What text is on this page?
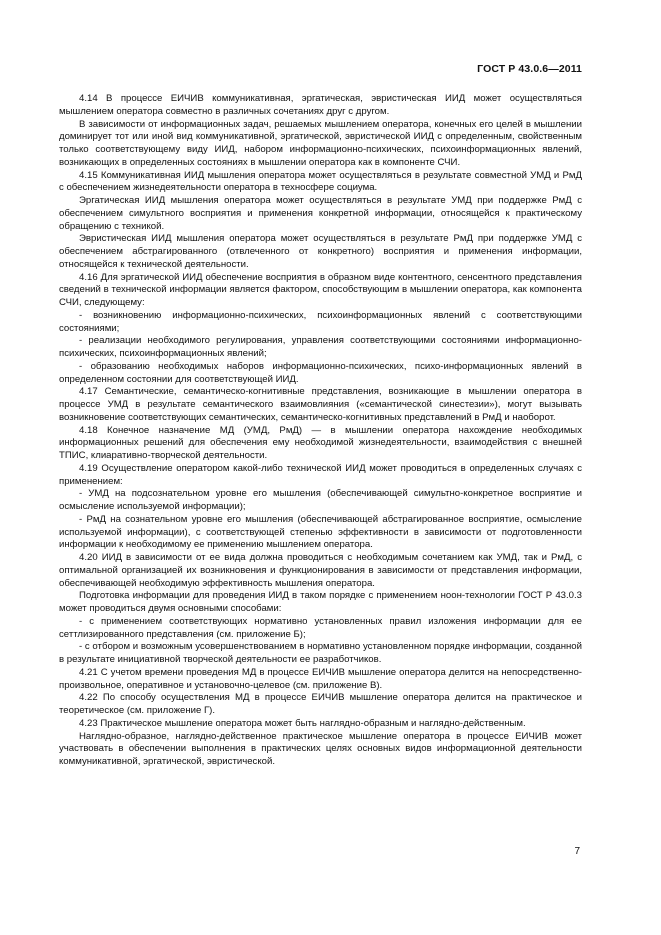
ГОСТ Р 43.0.6—2011

4.14 В процессе ЕИЧИВ коммуникативная, эргатическая, эвристическая ИИД может осуществляться мышлением оператора совместно в различных сочетаниях друг с другом.

В зависимости от информационных задач, решаемых мышлением оператора, конечных его целей в мышлении доминирует тот или иной вид коммуникативной, эргатической, эвристической ИИД с определенным, свойственным только соответствующему виду ИИД, набором информационно-психических, психоинформационных явлений, возникающих в определенных состояниях в мышлении оператора как в компоненте СЧИ.

4.15 Коммуникативная ИИД мышления оператора может осуществляться в результате совместной УМД и РмД с обеспечением жизнедеятельности оператора в техносфере социума.

Эргатическая ИИД мышления оператора может осуществляться в результате УМД при поддержке РмД с обеспечением симультного восприятия и применения конкретной информации, относящейся к практическому обращению с техникой.

Эвристическая ИИД мышления оператора может осуществляться в результате РмД при поддержке УМД с обеспечением абстрагированного (отвлеченного от конкретного) восприятия и применения информации, относящейся к технической деятельности.

4.16 Для эргатической ИИД обеспечение восприятия в образном виде контентного, сенсентного представления сведений в технической информации является фактором, способствующим в мышлении оператора, как компонента СЧИ, следующему:

- возникновению информационно-психических, психоинформационных явлений с соответствующими состояниями;

- реализации необходимого регулирования, управления соответствующими состояниями информационно-психических, психоинформационных явлений;

- образованию необходимых наборов информационно-психических, психо-информационных явлений в определенном состоянии для соответствующей ИИД.

4.17 Семантические, семантическо-когнитивные представления, возникающие в мышлении оператора в процессе УМД в результате семантического взаимовлияния («семантической синестезии»), могут вызывать возникновение соответствующих семантических, семантическо-когнитивных представлений в РмД и наоборот.

4.18 Конечное назначение МД (УМД, РмД) — в мышлении оператора нахождение необходимых информационных решений для обеспечения ему необходимой жизнедеятельности, взаимодействия с внешней ТПИС, клиаративно-творческой деятельности.

4.19 Осуществление оператором какой-либо технической ИИД может проводиться в определенных случаях с применением:

- УМД на подсознательном уровне его мышления (обеспечивающей симультно-конкретное восприятие и осмысление используемой информации);

- РмД на сознательном уровне его мышления (обеспечивающей абстрагированное восприятие, осмысление используемой информации), с соответствующей степенью эффективности в зависимости от подготовленности информации к необходимому ее применению мышлением оператора.

4.20 ИИД в зависимости от ее вида должна проводиться с необходимым сочетанием как УМД, так и РмД, с оптимальной организацией их возникновения и функционирования в зависимости от представления информации, обеспечивающей необходимую эффективность мышления оператора.

Подготовка информации для проведения ИИД в таком порядке с применением ноон-технологии ГОСТ Р 43.0.3 может проводиться двумя основными способами:

- с применением соответствующих нормативно установленных правил изложения информации для ее сеттлизированного представления (см. приложение Б);

- с отбором и возможным усовершенствованием в нормативно установленном порядке информации, созданной в результате инициативной творческой деятельности ее разработчиков.

4.21 С учетом времени проведения МД в процессе ЕИЧИВ мышление оператора делится на непосредственно-произвольное, оперативное и установочно-целевое (см. приложение В).

4.22 По способу осуществления МД в процессе ЕИЧИВ мышление оператора делится на практическое и теоретическое (см. приложение Г).

4.23 Практическое мышление оператора может быть наглядно-образным и наглядно-действенным.

Наглядно-образное, наглядно-действенное практическое мышление оператора в процессе ЕИЧИВ может участвовать в обеспечении выполнения в практических целях основных видов информационной деятельности коммуникативной, эргатической, эвристической.

7
